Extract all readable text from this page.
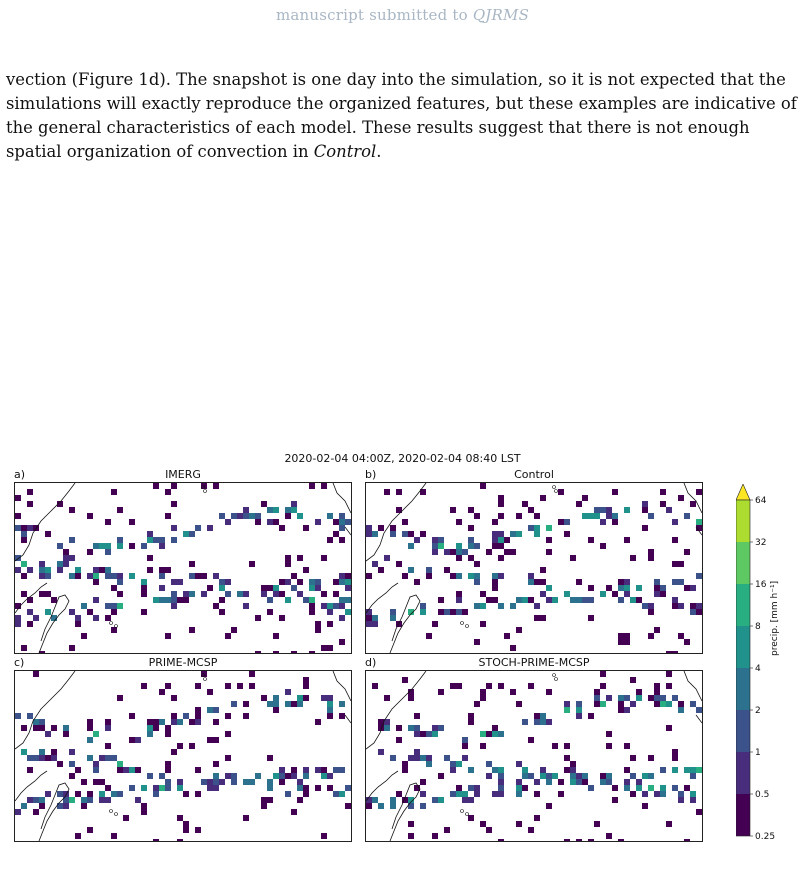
manuscript submitted to QJRMS
vection (Figure 1d). The snapshot is one day into the simulation, so it is not expected that the simulations will exactly reproduce the organized features, but these examples are indicative of the general characteristics of each model. These results suggest that there is not enough spatial organization of convection in Control.
2020-02-04 04:00Z, 2020-02-04 08:40 LST
a)	IMERG	b)	Control
c)	PRIME-MCSP	d)	STOCH-PRIME-MCSP
0.25
0.5
1
2
4
8
16
32
64
precip. [mm h⁻¹]
